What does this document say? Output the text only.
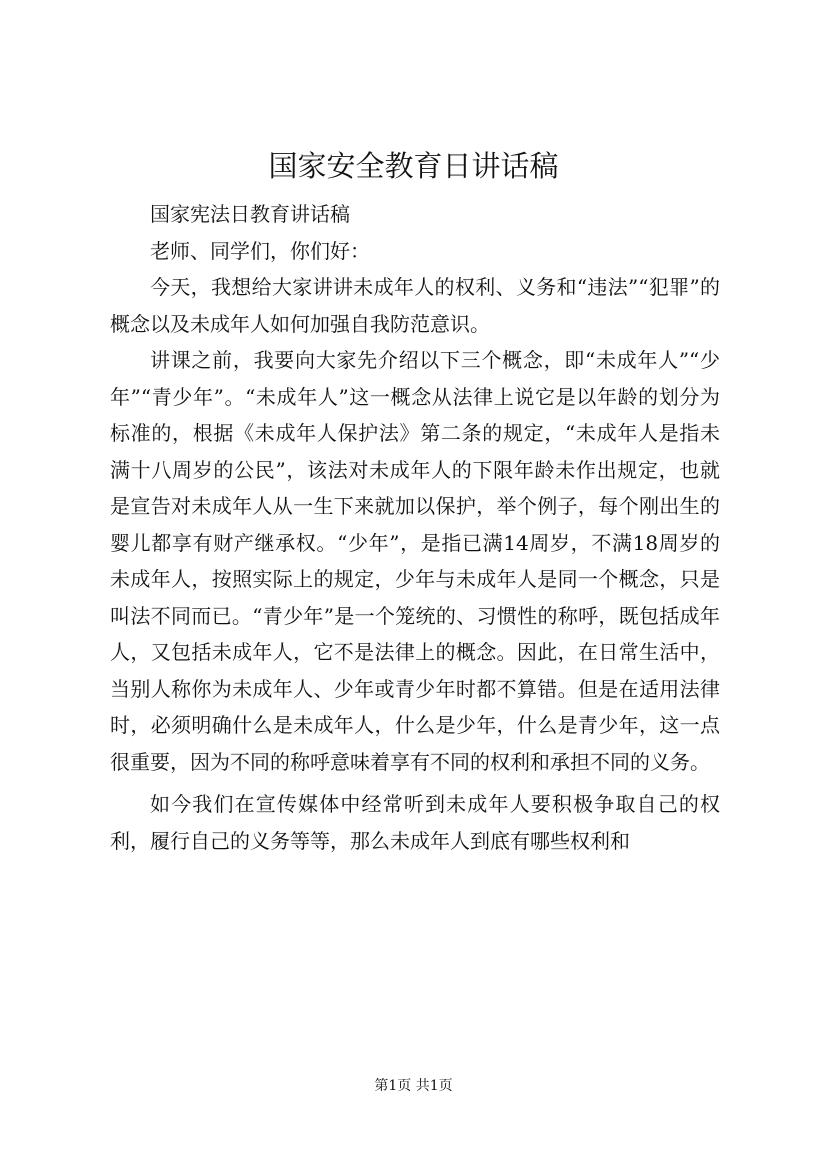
国家安全教育日讲话稿

国家宪法日教育讲话稿

老师、同学们，你们好：

今天，我想给大家讲讲未成年人的权利、义务和“违法”“犯罪”的概念以及未成年人如何加强自我防范意识。

讲课之前，我要向大家先介绍以下三个概念，即“未成年人”“少年”“青少年”。“未成年人”这一概念从法律上说它是以年龄的划分为标准的，根据《未成年人保护法》第二条的规定，“未成年人是指未满十八周岁的公民”，该法对未成年人的下限年龄未作出规定，也就是宣告对未成年人从一生下来就加以保护，举个例子，每个刚出生的婴儿都享有财产继承权。“少年”，是指已满14周岁，不满18周岁的未成年人，按照实际上的规定，少年与未成年人是同一个概念，只是叫法不同而已。“青少年”是一个笼统的、习惯性的称呼，既包括成年人，又包括未成年人，它不是法律上的概念。因此，在日常生活中，当别人称你为未成年人、少年或青少年时都不算错。但是在适用法律时，必须明确什么是未成年人，什么是少年，什么是青少年，这一点很重要，因为不同的称呼意味着享有不同的权利和承担不同的义务。

如今我们在宣传媒体中经常听到未成年人要积极争取自己的权利，履行自己的义务等等，那么未成年人到底有哪些权利和

第1页 共1页
